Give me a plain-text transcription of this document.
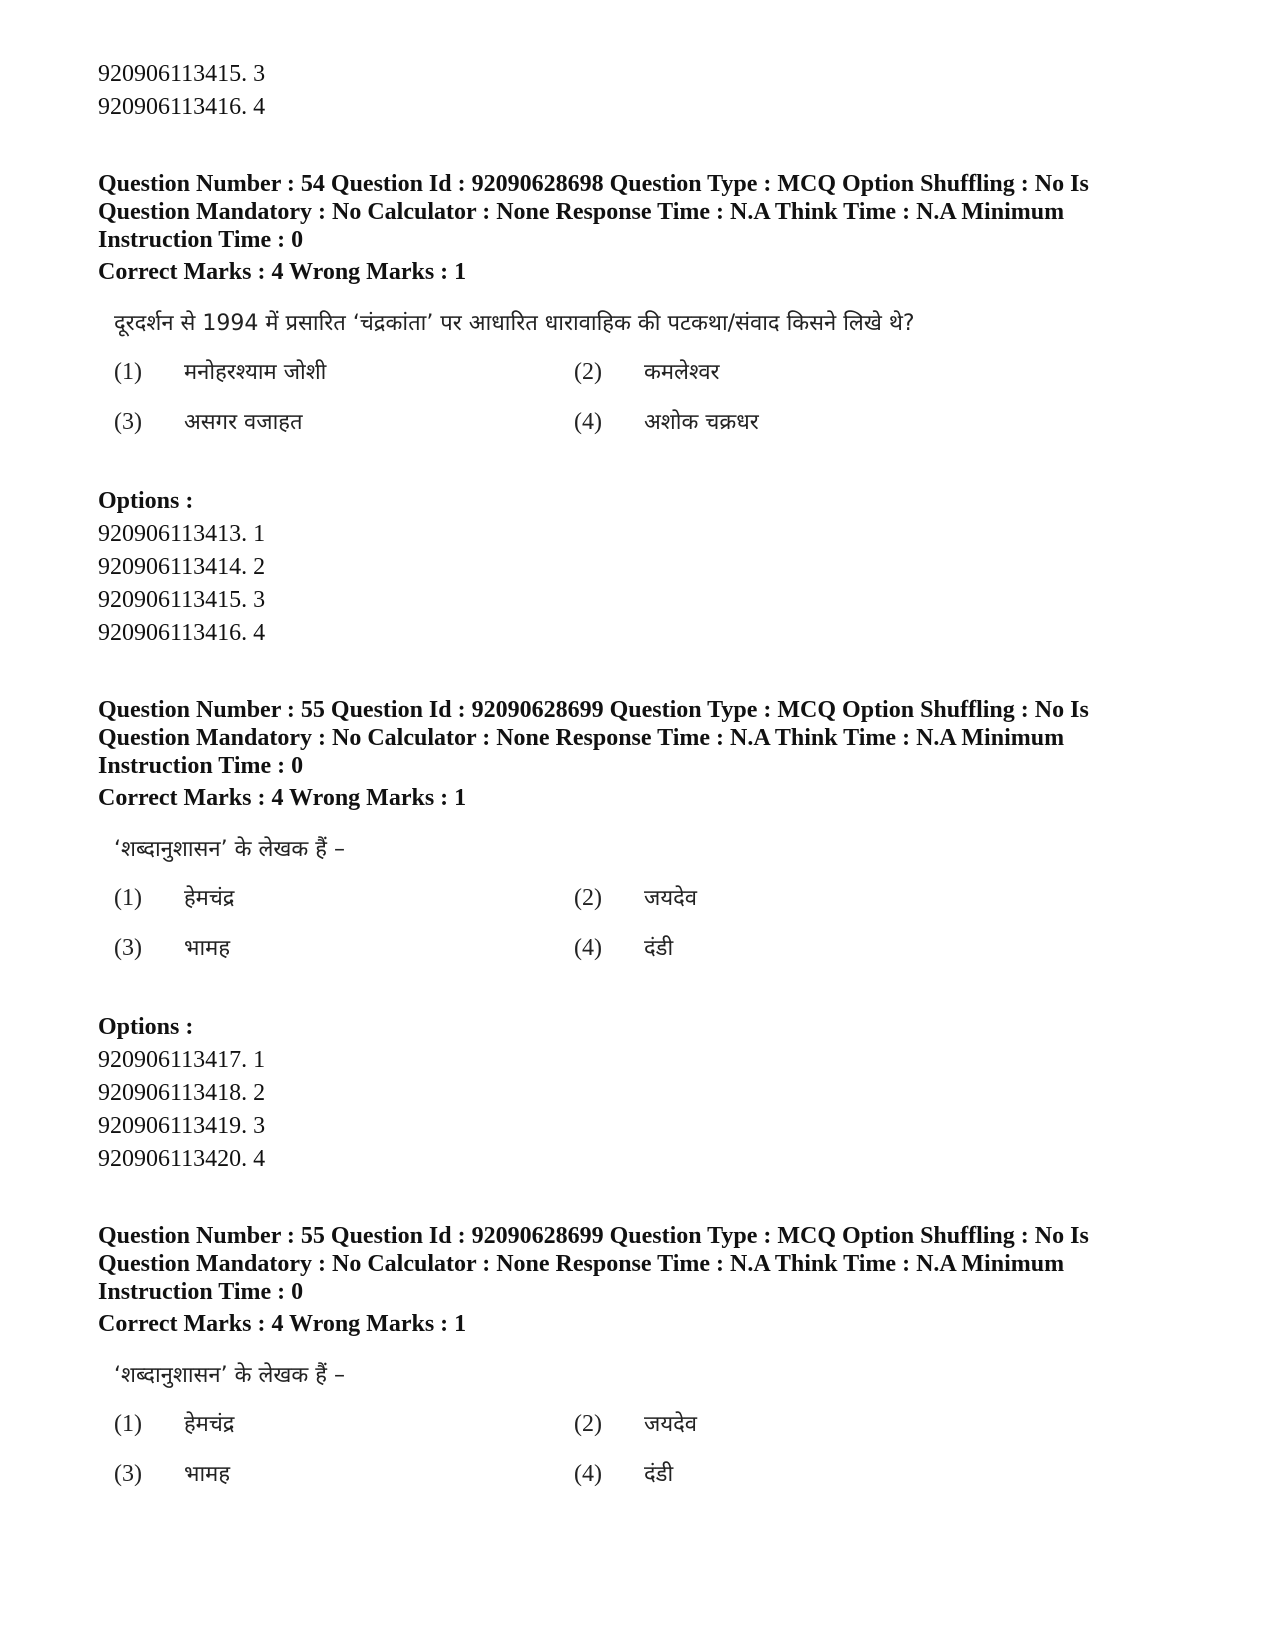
920906113415. 3
920906113416. 4
Question Number : 54 Question Id : 92090628698 Question Type : MCQ Option Shuffling : No Is
Question Mandatory : No Calculator : None Response Time : N.A Think Time : N.A Minimum
Instruction Time : 0
Correct Marks : 4 Wrong Marks : 1
दूरदर्शन से 1994 में प्रसारित ‘चंद्रकांता’ पर आधारित धारावाहिक की पटकथा/संवाद किसने लिखे थे?
(1) मनोहरश्याम जोशी	(2) कमलेश्वर
(3) असगर वजाहत	(4) अशोक चक्रधर
Options :
920906113413. 1
920906113414. 2
920906113415. 3
920906113416. 4
Question Number : 55 Question Id : 92090628699 Question Type : MCQ Option Shuffling : No Is
Question Mandatory : No Calculator : None Response Time : N.A Think Time : N.A Minimum
Instruction Time : 0
Correct Marks : 4 Wrong Marks : 1
‘शब्दानुशासन’ के लेखक हैं –
(1) हेमचंद्र	(2) जयदेव
(3) भामह	(4) दंडी
Options :
920906113417. 1
920906113418. 2
920906113419. 3
920906113420. 4
Question Number : 55 Question Id : 92090628699 Question Type : MCQ Option Shuffling : No Is
Question Mandatory : No Calculator : None Response Time : N.A Think Time : N.A Minimum
Instruction Time : 0
Correct Marks : 4 Wrong Marks : 1
‘शब्दानुशासन’ के लेखक हैं –
(1) हेमचंद्र	(2) जयदेव
(3) भामह	(4) दंडी
